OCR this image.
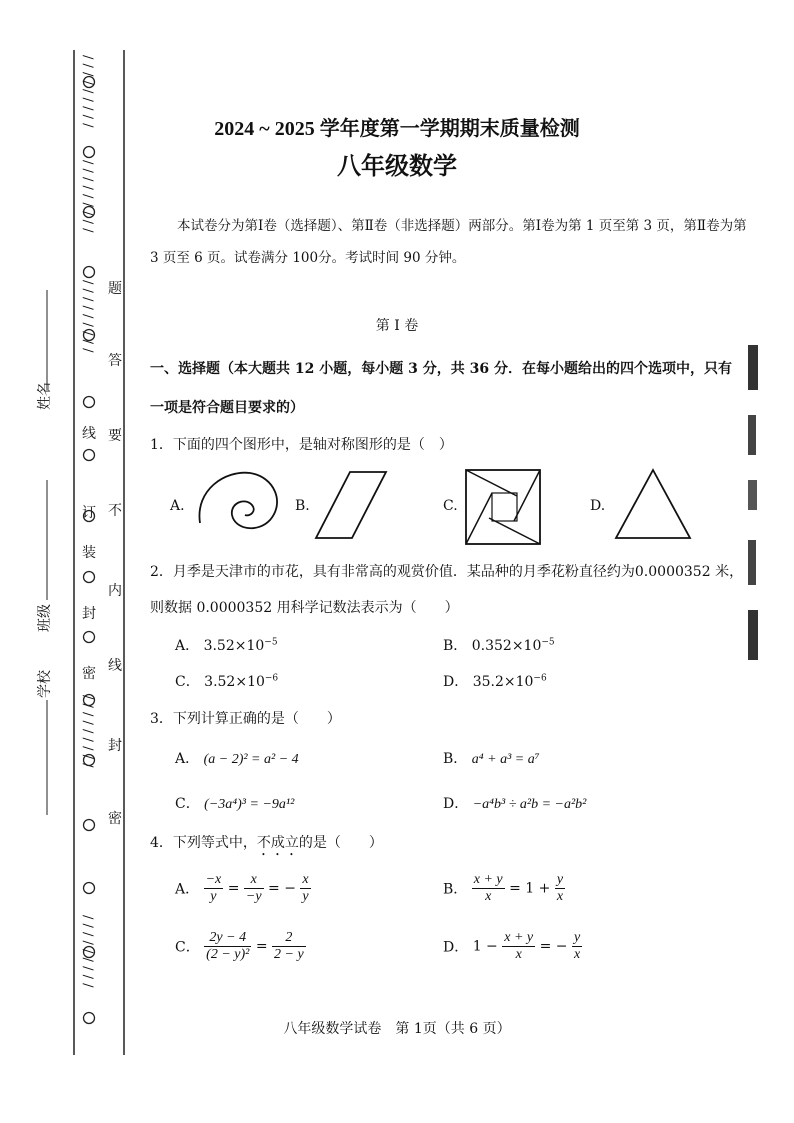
/ / / / / / / / /
/ / / / / / / / /
/ / / / / / / / /
/ / / / / / / / /
/ / / / / / / / /
线
订
装
封
密
题
答
要
不
内
线
封
密
姓名
班级
学校
2024 ~ 2025 学年度第一学期期末质量检测
八年级数学
本试卷分为第Ⅰ卷（选择题）、第Ⅱ卷（非选择题）两部分。第Ⅰ卷为第 1 页至第 3 页，第Ⅱ卷为第 3 页至 6 页。试卷满分 100分。考试时间 90 分钟。
第 Ⅰ 卷
一、选择题（本大题共 12 小题，每小题 3 分，共 36 分．在每小题给出的四个选项中，只有
一项是符合题目要求的）
1．下面的四个图形中，是轴对称图形的是（　）
A.	B.	C.	D.
2．月季是天津市的市花，具有非常高的观赏价值．某品种的月季花粉直径约为0.0000352 米，
则数据 0.0000352 用科学记数法表示为（　　）
A． $3.52\times 10^{-5}$	B． $0.352\times 10^{-5}$
C． $3.52\times 10^{-6}$	D． $35.2\times 10^{-6}$
3．下列计算正确的是（　　）
A． (a − 2)² = a² − 4	B． a⁴ + a³ = a⁷
C． (−3a⁴)³ = −9a¹²	D． −a⁴b³ ÷ a²b = −a²b²
4．下列等式中，不成立的是（　　）
A． $\frac{-x}{y} = \frac{x}{-y}$ = − $\frac{x}{y}$	B． $\frac{x + y}{x} = 1 + \frac{y}{x}$
C． $\frac{2y - 4}{\text{(2 − y)²}} = \frac{2}{2 - y}$	D． $1 - \frac{x + y}{x}$ = − $\frac{y}{x}$
八年级数学试卷　第 1页（共 6 页）
